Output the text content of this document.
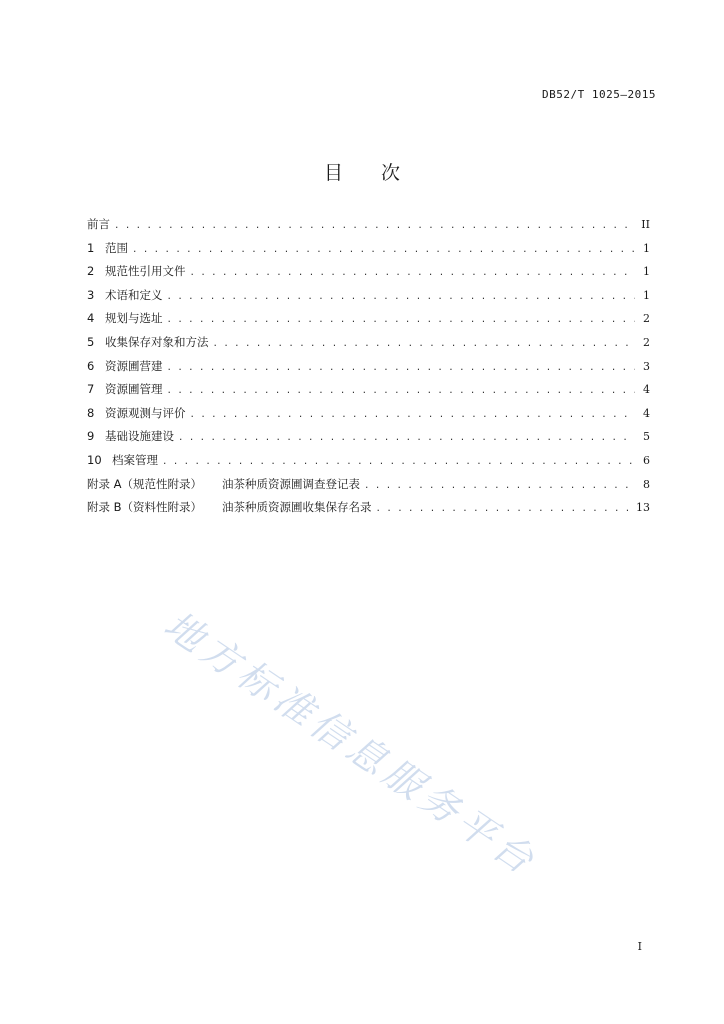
DB52/T 1025—2015
目 次
前言 . . .	II
1 范围 . . .	1
2 规范性引用文件 . . .	1
3 术语和定义 . . .	1
4 规划与选址 . . .	2
5 收集保存对象和方法 . . .	2
6 资源圃营建 . . .	3
7 资源圃管理 . . .	4
8 资源观测与评价 . . .	4
9 基础设施建设 . . .	5
10 档案管理 . . .	6
附录 A（规范性附录） 油茶种质资源圃调查登记表 . . .	8
附录 B（资料性附录） 油茶种质资源圃收集保存名录 . . .	13
地方标准信息服务平台
I
